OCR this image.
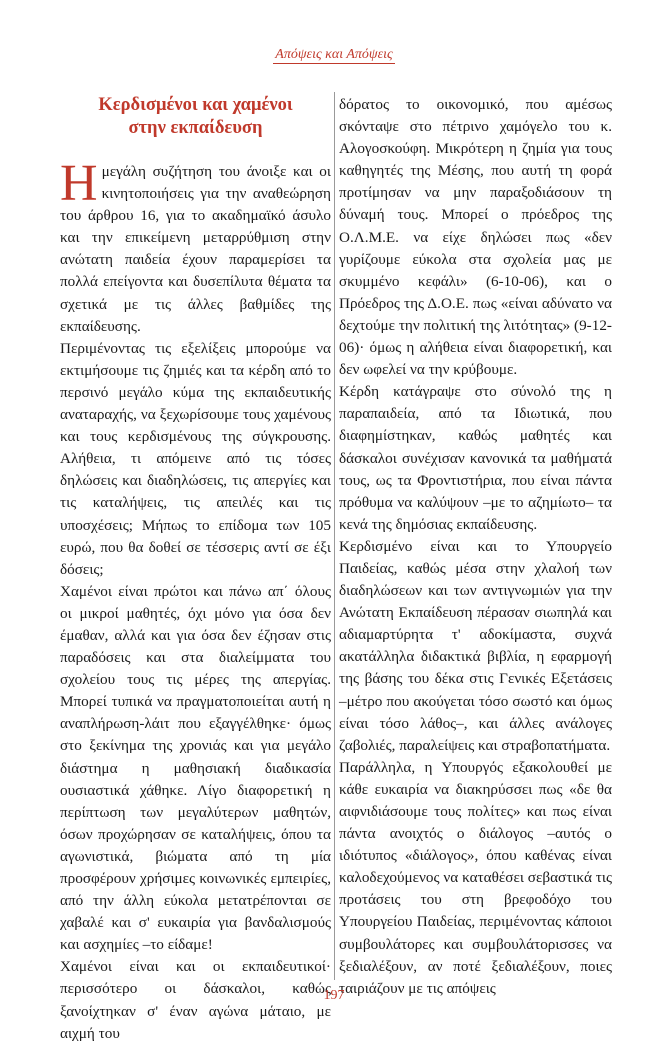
Απόψεις και Απόψεις
Κερδισμένοι και χαμένοι
στην εκπαίδευση

Η μεγάλη συζήτηση του άνοιξε και οι κινητοποιήσεις για την αναθεώρηση του άρθρου 16, για το ακαδημαϊκό άσυλο και την επικείμενη μεταρρύθμιση στην ανώτατη παιδεία έχουν παραμερίσει τα πολλά επείγοντα και δυσεπίλυτα θέματα τα σχετικά με τις άλλες βαθμίδες της εκπαίδευσης.

Περιμένοντας τις εξελίξεις μπορούμε να εκτιμήσουμε τις ζημιές και τα κέρδη από το περσινό μεγάλο κύμα της εκπαιδευτικής αναταραχής, να ξεχωρίσουμε τους χαμένους και τους κερδισμένους της σύγκρουσης. Αλήθεια, τι απόμεινε από τις τόσες δηλώσεις και διαδηλώσεις, τις απεργίες και τις καταλήψεις, τις απειλές και τις υποσχέσεις; Μήπως το επίδομα των 105 ευρώ, που θα δοθεί σε τέσσερις αντί σε έξι δόσεις;

Χαμένοι είναι πρώτοι και πάνω απ΄ όλους οι μικροί μαθητές, όχι μόνο για όσα δεν έμαθαν, αλλά και για όσα δεν έζησαν στις παραδόσεις και στα διαλείμματα του σχολείου τους τις μέρες της απεργίας. Μπορεί τυπικά να πραγματοποιείται αυτή η αναπλήρωση-λάιτ που εξαγγέλθηκε· όμως στο ξεκίνημα της χρονιάς και για μεγάλο διάστημα η μαθησιακή διαδικασία ουσιαστικά χάθηκε. Λίγο διαφορετική η περίπτωση των μεγαλύτερων μαθητών, όσων προχώρησαν σε καταλήψεις, όπου τα αγωνιστικά, βιώματα από τη μία προσφέρουν χρήσιμες κοινωνικές εμπειρίες, από την άλλη εύκολα μετατρέπονται σε χαβαλέ και σ' ευκαιρία για βανδαλισμούς και ασχημίες –το είδαμε!

Χαμένοι είναι και οι εκπαιδευτικοί· περισσότερο οι δάσκαλοι, καθώς ξανοίχτηκαν σ' έναν αγώνα μάταιο, με αιχμή του

δόρατος το οικονομικό, που αμέσως σκόνταψε στο πέτρινο χαμόγελο του κ. Αλογοσκούφη. Μικρότερη η ζημία για τους καθηγητές της Μέσης, που αυτή τη φορά προτίμησαν να μην παραξοδιάσουν τη δύναμή τους. Μπορεί ο πρόεδρος της Ο.Λ.Μ.Ε. να είχε δηλώσει πως «δεν γυρίζουμε εύκολα στα σχολεία μας με σκυμμένο κεφάλι» (6-10-06), και ο Πρόεδρος της Δ.Ο.Ε. πως «είναι αδύνατο να δεχτούμε την πολιτική της λιτότητας» (9-12-06)· όμως η αλήθεια είναι διαφορετική, και δεν ωφελεί να την κρύβουμε.

Κέρδη κατάγραψε στο σύνολό της η παραπαιδεία, από τα Ιδιωτικά, που διαφημίστηκαν, καθώς μαθητές και δάσκαλοι συνέχισαν κανονικά τα μαθήματά τους, ως τα Φροντιστήρια, που είναι πάντα πρόθυμα να καλύψουν –με το αζημίωτο– τα κενά της δημόσιας εκπαίδευσης.

Κερδισμένο είναι και το Υπουργείο Παιδείας, καθώς μέσα στην χλαλοή των διαδηλώσεων και των αντιγνωμιών για την Ανώτατη Εκπαίδευση πέρασαν σιωπηλά και αδιαμαρτύρητα τ' αδοκίμαστα, συχνά ακατάλληλα διδακτικά βιβλία, η εφαρμογή της βάσης του δέκα στις Γενικές Εξετάσεις –μέτρο που ακούγεται τόσο σωστό και όμως είναι τόσο λάθος–, και άλλες ανάλογες ζαβολιές, παραλείψεις και στραβοπατήματα.

Παράλληλα, η Υπουργός εξακολουθεί με κάθε ευκαιρία να διακηρύσσει πως «δε θα αιφνιδιάσουμε τους πολίτες» και πως είναι πάντα ανοιχτός ο διάλογος –αυτός ο ιδιότυπος «διάλογος», όπου καθένας είναι καλοδεχούμενος να καταθέσει σεβαστικά τις προτάσεις του στη βρεφοδόχο του Υπουργείου Παιδείας, περιμένοντας κάποιοι συμβουλάτορες και συμβουλάτορισσες να ξεδιαλέξουν, αν ποτέ ξεδιαλέξουν, ποιες ταιριάζουν με τις απόψεις

197
